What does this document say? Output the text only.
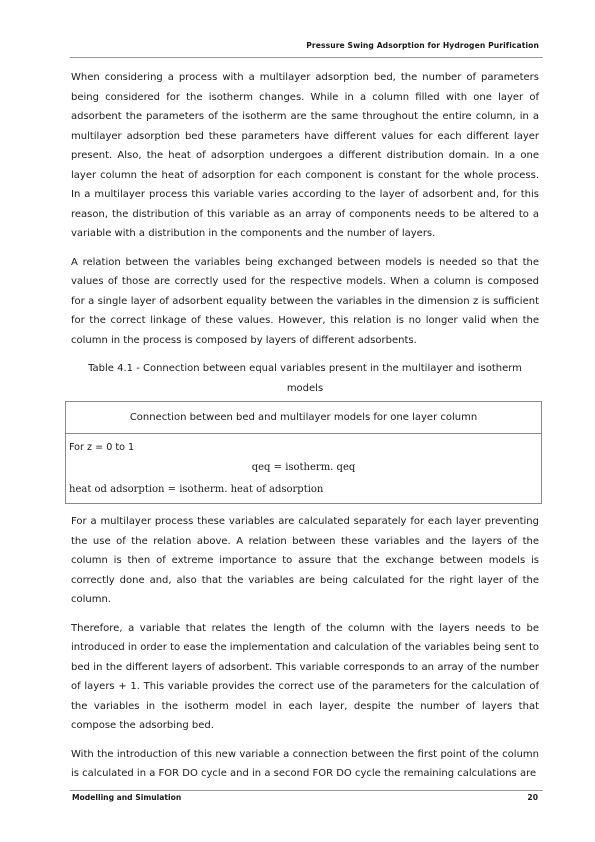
Pressure Swing Adsorption for Hydrogen Purification

When considering a process with a multilayer adsorption bed, the number of parameters being considered for the isotherm changes. While in a column filled with one layer of adsorbent the parameters of the isotherm are the same throughout the entire column, in a multilayer adsorption bed these parameters have different values for each different layer present. Also, the heat of adsorption undergoes a different distribution domain. In a one layer column the heat of adsorption for each component is constant for the whole process. In a multilayer process this variable varies according to the layer of adsorbent and, for this reason, the distribution of this variable as an array of components needs to be altered to a variable with a distribution in the components and the number of layers.

A relation between the variables being exchanged between models is needed so that the values of those are correctly used for the respective models. When a column is composed for a single layer of adsorbent equality between the variables in the dimension z is sufficient for the correct linkage of these values. However, this relation is no longer valid when the column in the process is composed by layers of different adsorbents.

Table 4.1 - Connection between equal variables present in the multilayer and isotherm models
Connection between bed and multilayer models for one layer column

For z = 0 to 1
qeq = isotherm. qeq
heat od adsorption = isotherm. heat of adsorption

For a multilayer process these variables are calculated separately for each layer preventing the use of the relation above. A relation between these variables and the layers of the column is then of extreme importance to assure that the exchange between models is correctly done and, also that the variables are being calculated for the right layer of the column.

Therefore, a variable that relates the length of the column with the layers needs to be introduced in order to ease the implementation and calculation of the variables being sent to bed in the different layers of adsorbent. This variable corresponds to an array of the number of layers + 1. This variable provides the correct use of the parameters for the calculation of the variables in the isotherm model in each layer, despite the number of layers that compose the adsorbing bed.

With the introduction of this new variable a connection between the first point of the column is calculated in a FOR DO cycle and in a second FOR DO cycle the remaining calculations are

Modelling and Simulation	20
